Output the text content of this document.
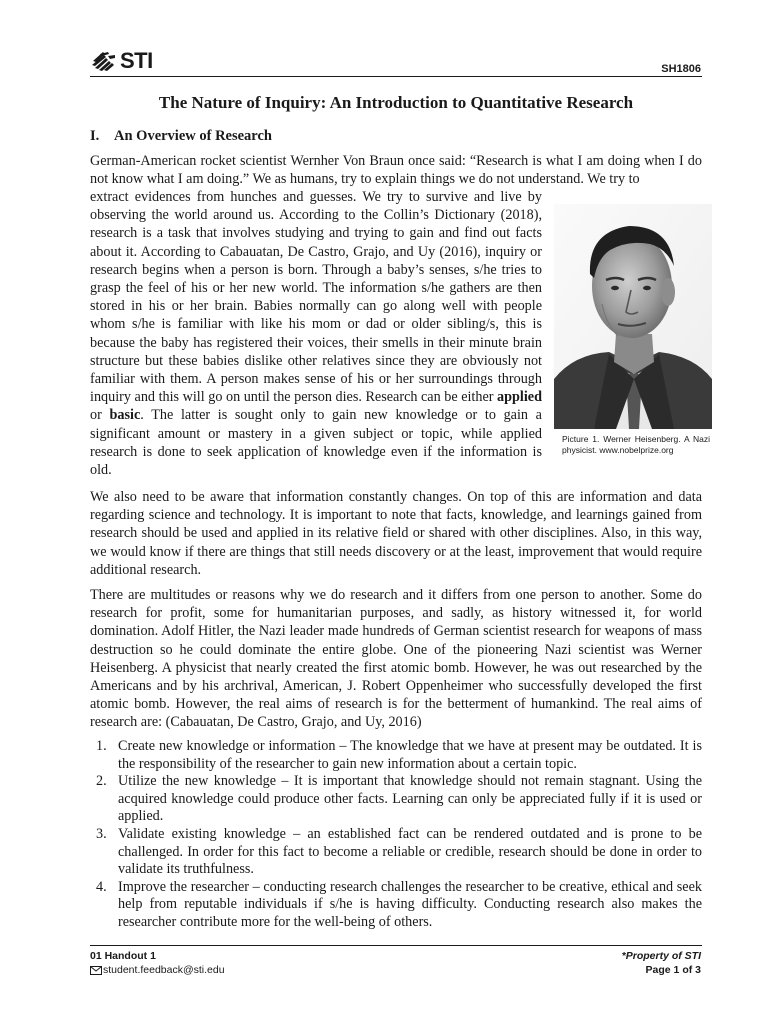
STI	SH1806
The Nature of Inquiry: An Introduction to Quantitative Research
I.	An Overview of Research

German-American rocket scientist Wernher Von Braun once said: “Research is what I am doing when I do not know what I am doing.” We as humans, try to explain things we do not understand. We try to

extract evidences from hunches and guesses. We try to survive and live by observing the world around us. According to the Collin’s Dictionary (2018), research is a task that involves studying and trying to gain and find out facts about it. According to Cabauatan, De Castro, Grajo, and Uy (2016), inquiry or research begins when a person is born. Through a baby’s senses, s/he tries to grasp the feel of his or her new world. The information s/he gathers are then stored in his or her brain. Babies normally can go along well with people whom s/he is familiar with like his mom or dad or older sibling/s, this is because the baby has registered their voices, their smells in their minute brain structure but these babies dislike other relatives since they are obviously not familiar with them. A person makes sense of his or her surroundings through inquiry and this will go on until the person dies. Research can be either applied or basic. The latter is sought only to gain new knowledge or to gain a significant amount or mastery in a given subject or topic, while applied research is done to seek application of knowledge even if the information is old.

Picture 1. Werner Heisenberg. A Nazi physicist. www.nobelprize.org

We also need to be aware that information constantly changes. On top of this are information and data regarding science and technology. It is important to note that facts, knowledge, and learnings gained from research should be used and applied in its relative field or shared with other disciplines. Also, in this way, we would know if there are things that still needs discovery or at the least, improvement that would require additional research.

There are multitudes or reasons why we do research and it differs from one person to another. Some do research for profit, some for humanitarian purposes, and sadly, as history witnessed it, for world domination. Adolf Hitler, the Nazi leader made hundreds of German scientist research for weapons of mass destruction so he could dominate the entire globe. One of the pioneering Nazi scientist was Werner Heisenberg. A physicist that nearly created the first atomic bomb. However, he was out researched by the Americans and by his archrival, American, J. Robert Oppenheimer who successfully developed the first atomic bomb. However, the real aims of research is for the betterment of humankind. The real aims of research are: (Cabauatan, De Castro, Grajo, and Uy, 2016)

1. Create new knowledge or information – The knowledge that we have at present may be outdated. It is the responsibility of the researcher to gain new information about a certain topic.
2. Utilize the new knowledge – It is important that knowledge should not remain stagnant. Using the acquired knowledge could produce other facts. Learning can only be appreciated fully if it is used or applied.
3. Validate existing knowledge – an established fact can be rendered outdated and is prone to be challenged. In order for this fact to become a reliable or credible, research should be done in order to validate its truthfulness.
4. Improve the researcher – conducting research challenges the researcher to be creative, ethical and seek help from reputable individuals if s/he is having difficulty. Conducting research also makes the researcher contribute more for the well-being of others.
01 Handout 1
student.feedback@sti.edu
*Property of STI
Page 1 of 3
